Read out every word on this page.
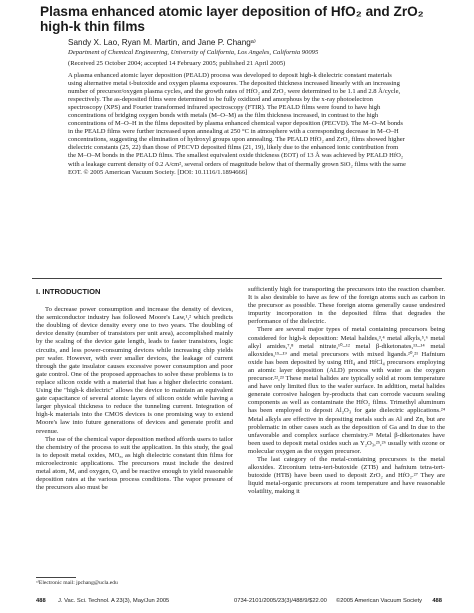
Plasma enhanced atomic layer deposition of HfO₂ and ZrO₂ high-k thin films
Sandy X. Lao, Ryan M. Martin, and Jane P. Changᵃ⁾
Department of Chemical Engineering, University of California, Los Angeles, California 90095
(Received 25 October 2004; accepted 14 February 2005; published 21 April 2005)
A plasma enhanced atomic layer deposition (PEALD) process was developed to deposit high-k dielectric constant materials using alternative metal t-butoxide and oxygen plasma exposures. The deposited thickness increased linearly with an increasing number of precursor/oxygen plasma cycles, and the growth rates of HfO₂ and ZrO₂ were determined to be 1.1 and 2.8 Å/cycle, respectively. The as-deposited films were determined to be fully oxidized and amorphous by the x-ray photoelectron spectroscopy (XPS) and Fourier transformed infrared spectroscopy (FTIR). The PEALD films were found to have high concentrations of bridging oxygen bonds with metals (M–O–M) as the film thickness increased, in contrast to the high concentrations of M–O–H in the films deposited by plasma enhanced chemical vapor deposition (PECVD). The M–O–M bonds in the PEALD films were further increased upon annealing at 250 °C in atmosphere with a corresponding decrease in M–O–H concentrations, suggesting the elimination of hydroxyl groups upon annealing. The PEALD HfO₂ and ZrO₂ films showed higher dielectric constants (25, 22) than those of PECVD deposited films (21, 19), likely due to the enhanced ionic contribution from the M–O–M bonds in the PEALD films. The smallest equivalent oxide thickness (EOT) of 13 Å was achieved by PEALD HfO₂ with a leakage current density of 0.2 A/cm², several orders of magnitude below that of thermally grown SiO₂ films with the same EOT. © 2005 American Vacuum Society. [DOI: 10.1116/1.1894666]
I. INTRODUCTION

To decrease power consumption and increase the density of devices, the semiconductor industry has followed Moore's Law,¹,² which predicts the doubling of device density every one to two years. The doubling of device density (number of transistors per unit area), accomplished mainly by the scaling of the device gate length, leads to faster transistors, logic circuits, and less power-consuming devices while increasing chip yields per wafer. However, with ever smaller devices, the leakage of current through the gate insulator causes excessive power consumption and poor gate control. One of the proposed approaches to solve these problems is to replace silicon oxide with a material that has a higher dielectric constant. Using the "high-k dielectric" allows the device to maintain an equivalent gate capacitance of several atomic layers of silicon oxide while having a larger physical thickness to reduce the tunneling current. Integration of high-k materials into the CMOS devices is one promising way to extend Moore's law into future generations of devices and generate profit and revenue.

The use of the chemical vapor deposition method affords users to tailor the chemistry of the process to suit the application. In this study, the goal is to deposit metal oxides, MOₓ, as high dielectric constant thin films for microelectronic applications. The precursors must include the desired metal atom, M, and oxygen, O, and be reactive enough to yield reasonable deposition rates at the various process conditions. The vapor pressure of the precursors also must be

sufficiently high for transporting the precursors into the reaction chamber. It is also desirable to have as few of the foreign atoms such as carbon in the precursor as possible. These foreign atoms generally cause undesired impurity incorporation in the deposited films that degrades the performance of the dielectric.

There are several major types of metal containing precursors being considered for high-k deposition: Metal halides,³,⁴ metal alkyls,⁵,⁶ metal alkyl amides,⁷,⁸ metal nitrate,¹⁰–¹² metal β-diketonates,¹³–¹⁴ metal alkoxides,¹⁵–¹⁹ and metal precursors with mixed ligands.²⁰,²¹ Hafnium oxide has been deposited by using HfI₄ and HfCl₄ precursors employing an atomic layer deposition (ALD) process with water as the oxygen precursor.²²,²³ These metal halides are typically solid at room temperature and have only limited flux to the wafer surface. In addition, metal halides generate corrosive halogen by-products that can corrode vacuum sealing components as well as contaminate the HfO₂ films. Trimethyl aluminum has been employed to deposit Al₂O₃ for gate dielectric applications.²⁴ Metal alkyls are effective in depositing metals such as Al and Zn, but are problematic in other cases such as the deposition of Ga and In due to the unfavorable and complex surface chemistry.²⁵ Metal β-diketonates have been used to deposit metal oxides such as Y₂O₃,²⁵,²⁶ usually with ozone or molecular oxygen as the oxygen precursor.

The last category of the metal-containing precursors is the metal alkoxides. Zirconium tetra-tert-butoxide (ZTB) and hafnium tetra-tert-butoxide (HTB) have been used to deposit ZrO₂ and HfO₂.²⁷ They are liquid metal-organic precursors at room temperature and have reasonable volatility, making it

ᵃ⁾Electronic mail: jpchang@ucla.edu
488 J. Vac. Sci. Technol. A 23(3), May/Jun 2005	0734-2101/2005/23(3)/488/9/$22.00 ©2005 American Vacuum Society 488
